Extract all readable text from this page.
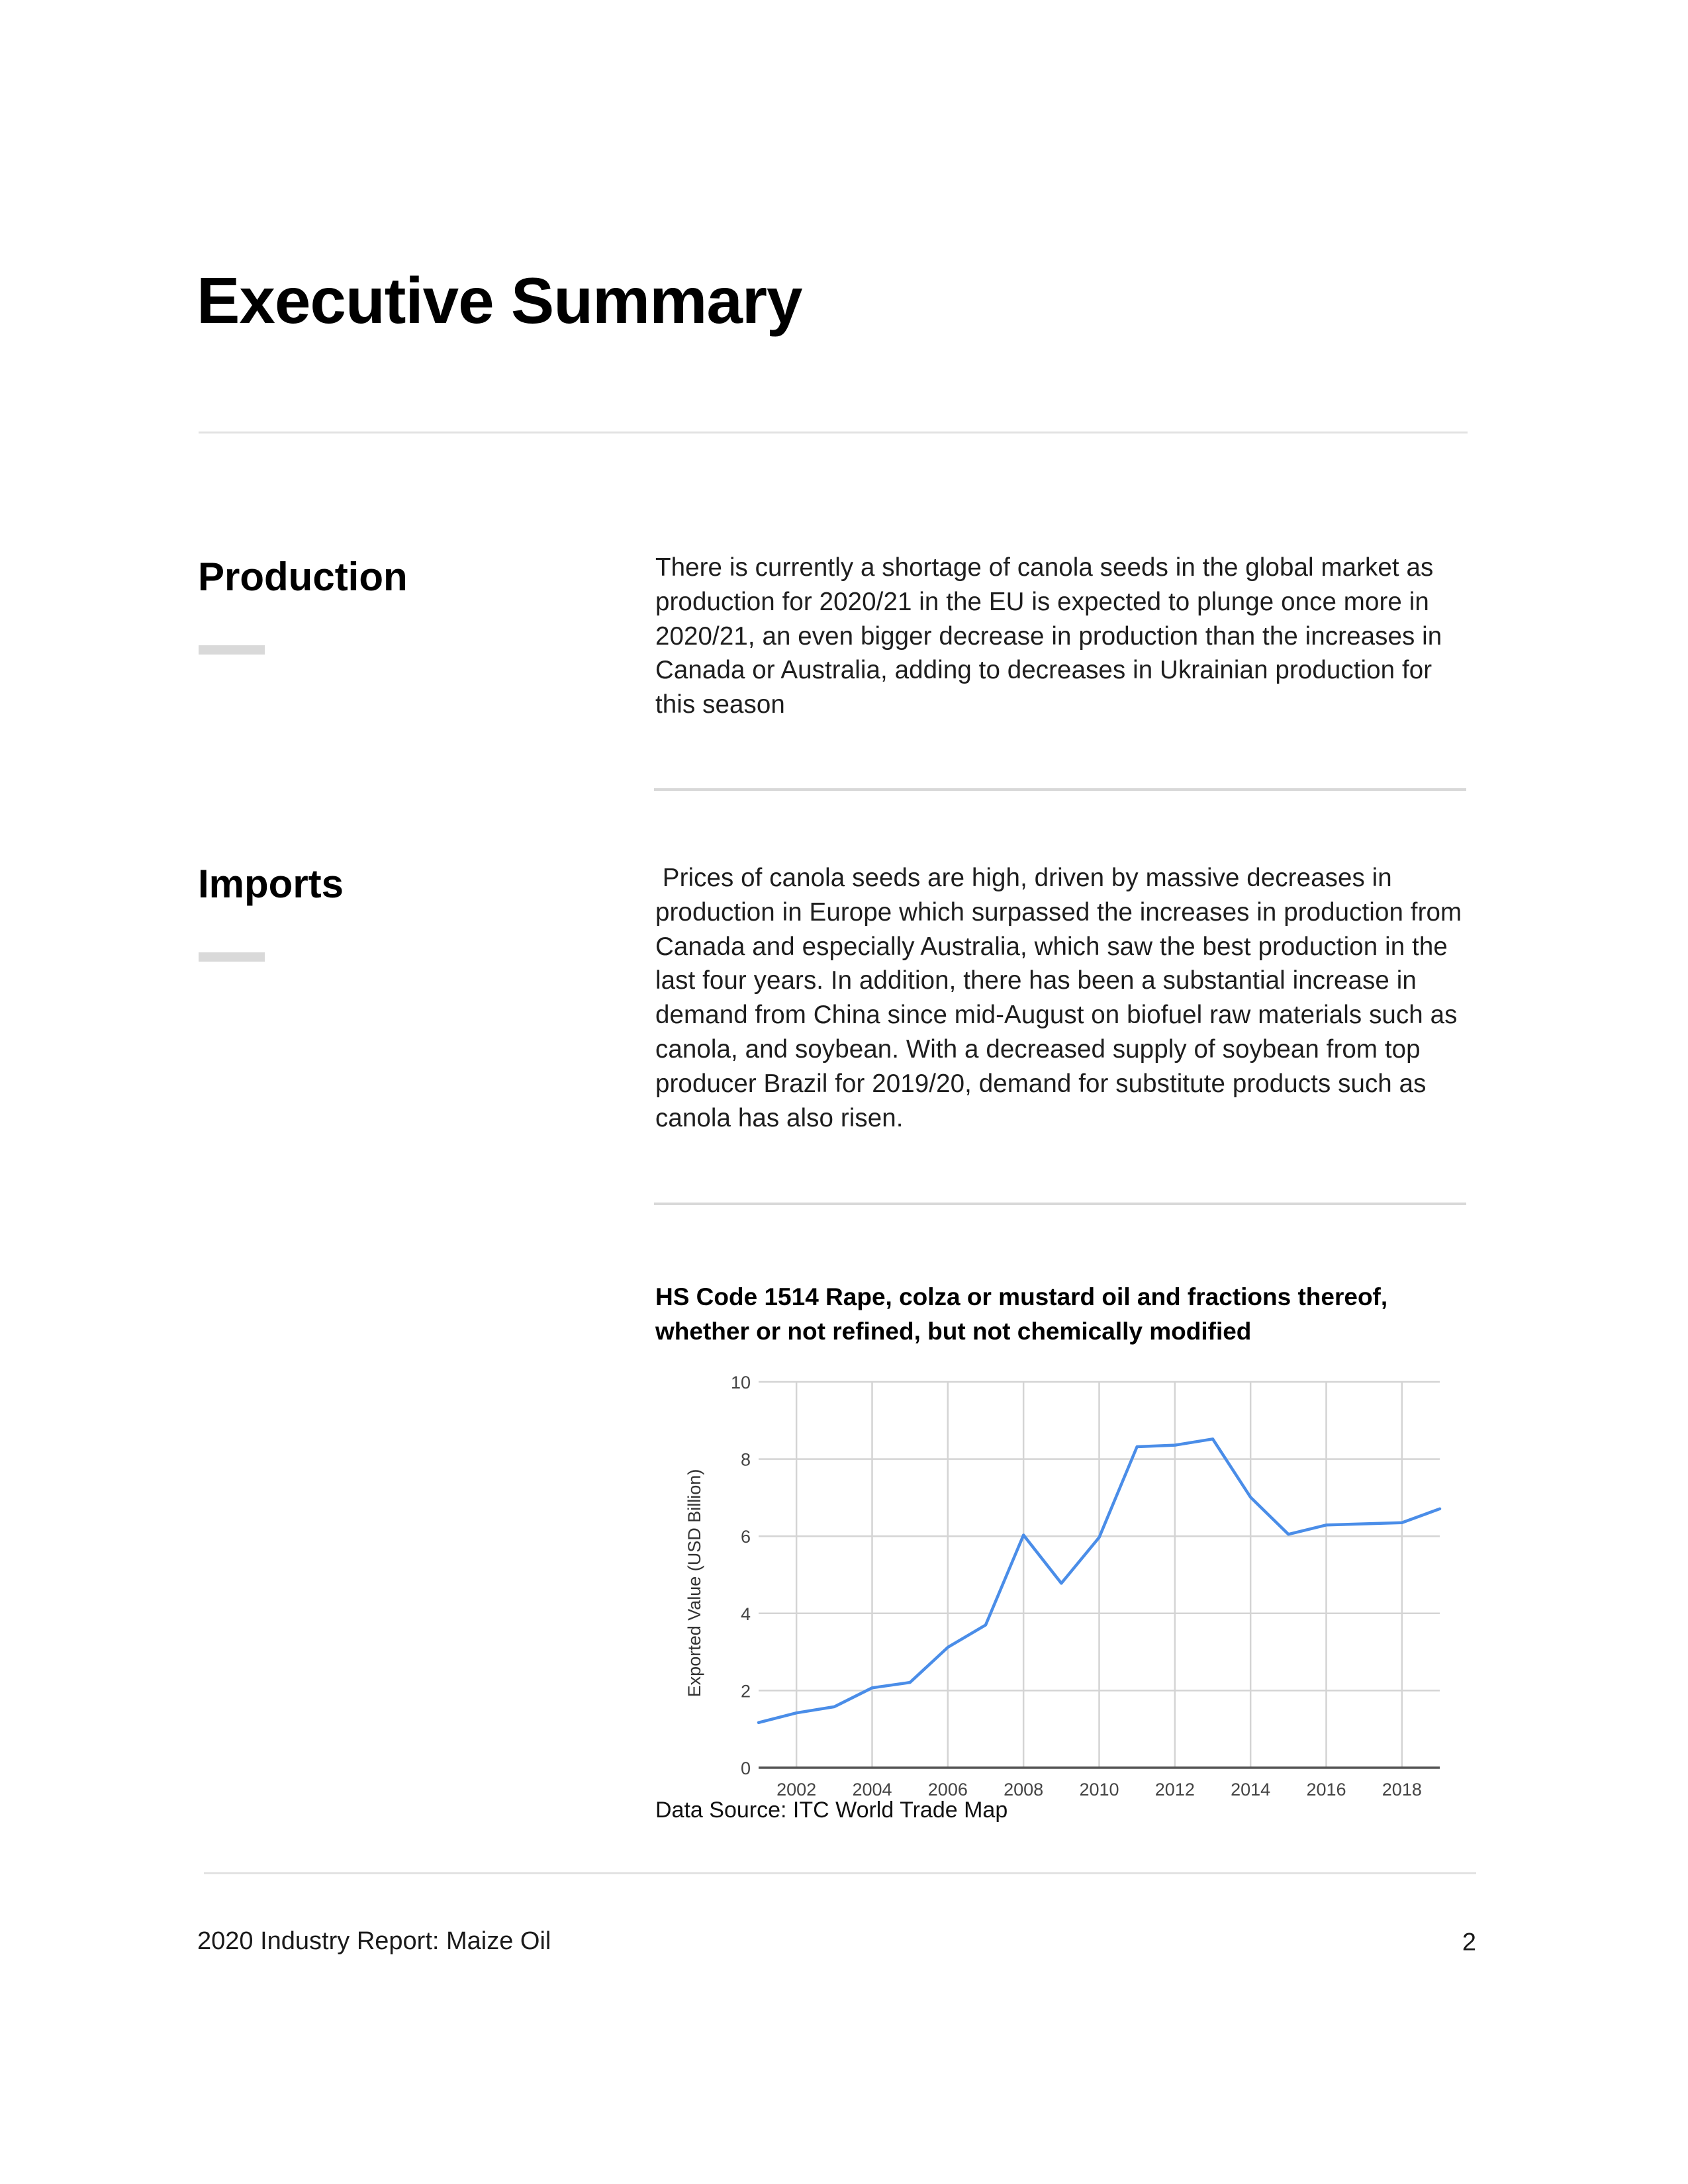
Executive Summary
Production	There is currently a shortage of canola seeds in the global market as
production for 2020/21 in the EU is expected to plunge once more in
2020/21, an even bigger decrease in production than the increases in
Canada or Australia, adding to decreases in Ukrainian production for
this season
Imports	Prices of canola seeds are high, driven by massive decreases in
production in Europe which surpassed the increases in production from
Canada and especially Australia, which saw the best production in the
last four years. In addition, there has been a substantial increase in
demand from China since mid-August on biofuel raw materials such as
canola, and soybean. With a decreased supply of soybean from top
producer Brazil for 2019/20, demand for substitute products such as
canola has also risen.
HS Code 1514 Rape, colza or mustard oil and fractions thereof, whether or not refined, but not chemically modified
0
2
4
6
8
10
2002 2004 2006 2008 2010 2012 2014 2016 2018
Exported Value (USD Billion)
Data Source: ITC World Trade Map
2020 Industry Report: Maize Oil	2
